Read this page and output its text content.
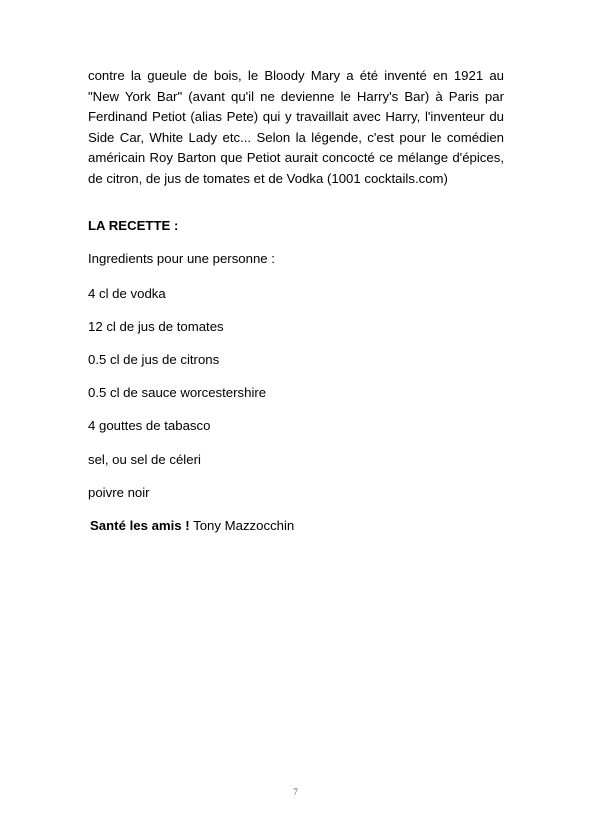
contre la gueule de bois, le Bloody Mary a été inventé en 1921 au "New York Bar" (avant qu'il ne devienne le Harry's Bar) à Paris par Ferdinand Petiot (alias Pete) qui y travaillait avec Harry, l'inventeur du Side Car, White Lady etc... Selon la légende, c'est pour le comédien américain Roy Barton que Petiot aurait concocté ce mélange d'épices, de citron, de jus de tomates et de Vodka (1001 cocktails.com)

LA RECETTE :

Ingredients pour une personne :

4 cl de vodka

12 cl de jus de tomates

0.5 cl de jus de citrons

0.5 cl de sauce worcestershire

4 gouttes de tabasco

sel, ou sel de céleri

poivre noir

Santé les amis ! Tony Mazzocchin

7
